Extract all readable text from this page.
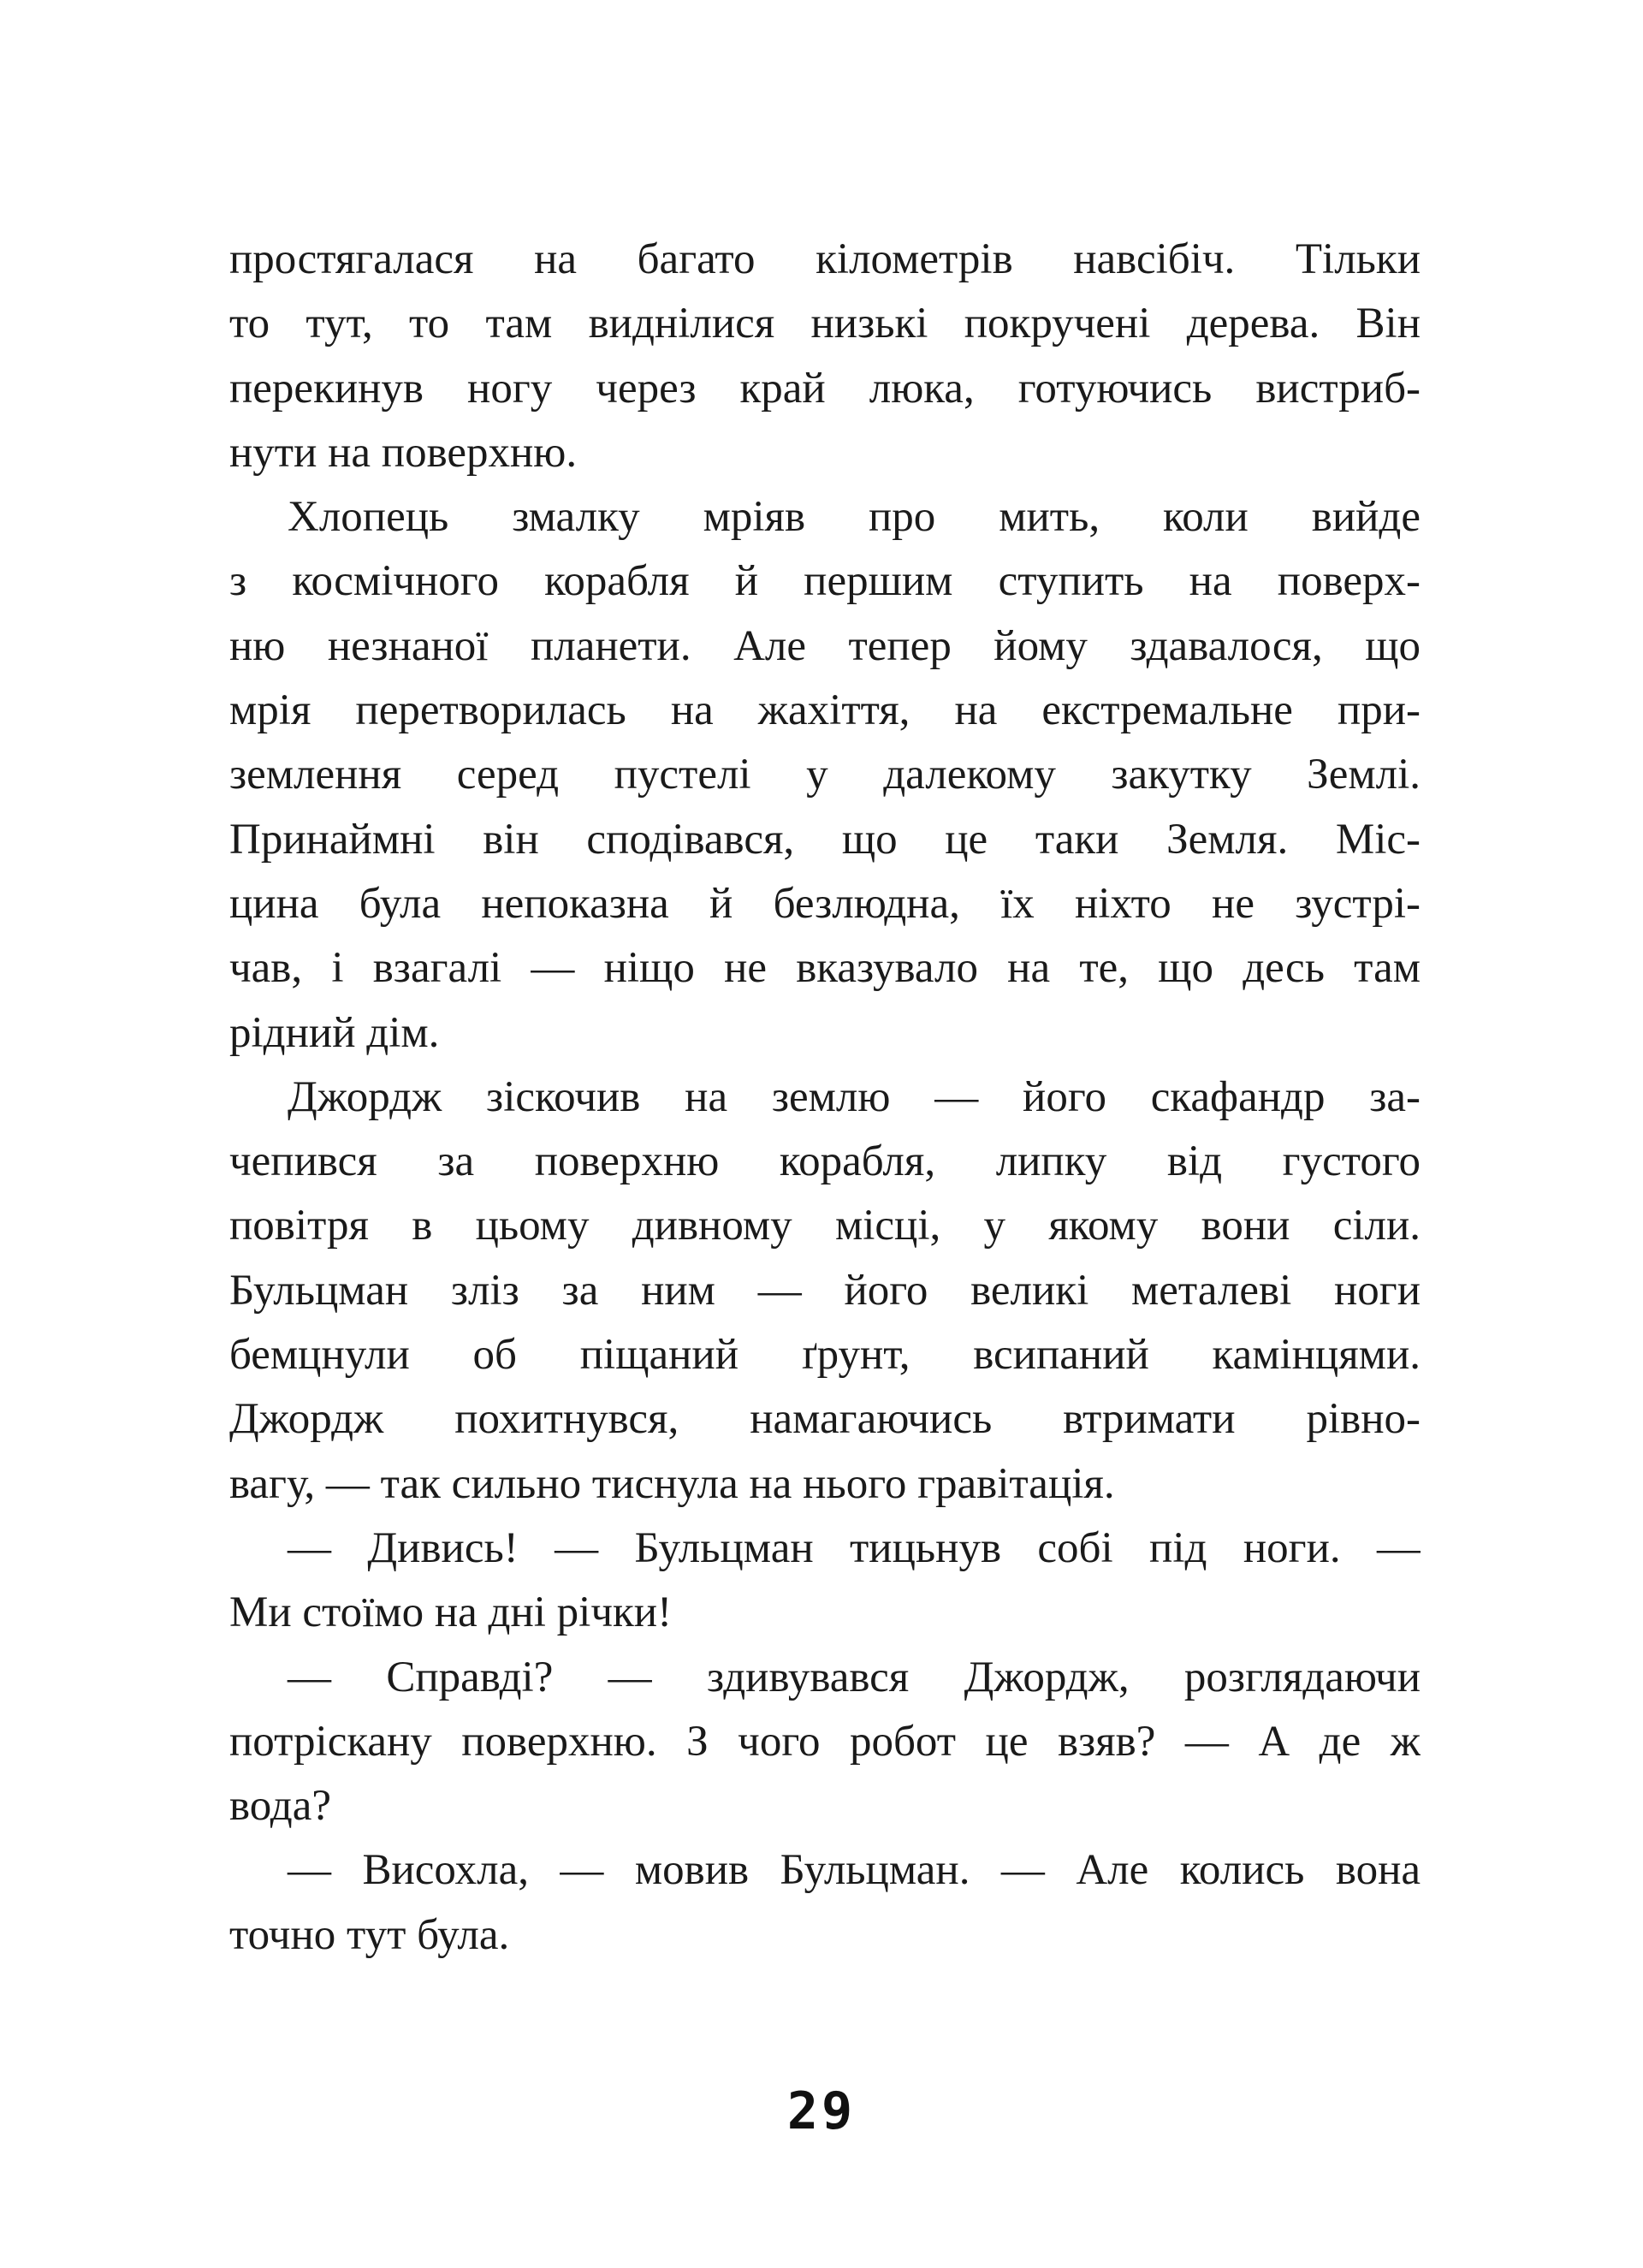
простягалася на багато кілометрів навсібіч. Тільки
то тут, то там виднілися низькі покручені дерева. Він
перекинув ногу через край люка, готуючись вистриб-
нути на поверхню.
Хлопець змалку мріяв про мить, коли вийде
з космічного корабля й першим ступить на поверх-
ню незнаної планети. Але тепер йому здавалося, що
мрія перетворилась на жахіття, на екстремальне при-
землення серед пустелі у далекому закутку Землі.
Принаймні він сподівався, що це таки Земля. Міс-
цина була непоказна й безлюдна, їх ніхто не зустрі-
чав, і взагалі — ніщо не вказувало на те, що десь там
рідний дім.
Джордж зіскочив на землю — його скафандр за-
чепився за поверхню корабля, липку від густого
повітря в цьому дивному місці, у якому вони сіли.
Бульцман зліз за ним — його великі металеві ноги
бемцнули об піщаний ґрунт, всипаний камінцями.
Джордж похитнувся, намагаючись втримати рівно-
вагу, — так сильно тиснула на нього гравітація.
— Дивись! — Бульцман тицьнув собі під ноги. —
Ми стоїмо на дні річки!
— Справді? — здивувався Джордж, розглядаючи
потріскану поверхню. З чого робот це взяв? — А де ж
вода?
— Висохла, — мовив Бульцман. — Але колись вона
точно тут була.
29
